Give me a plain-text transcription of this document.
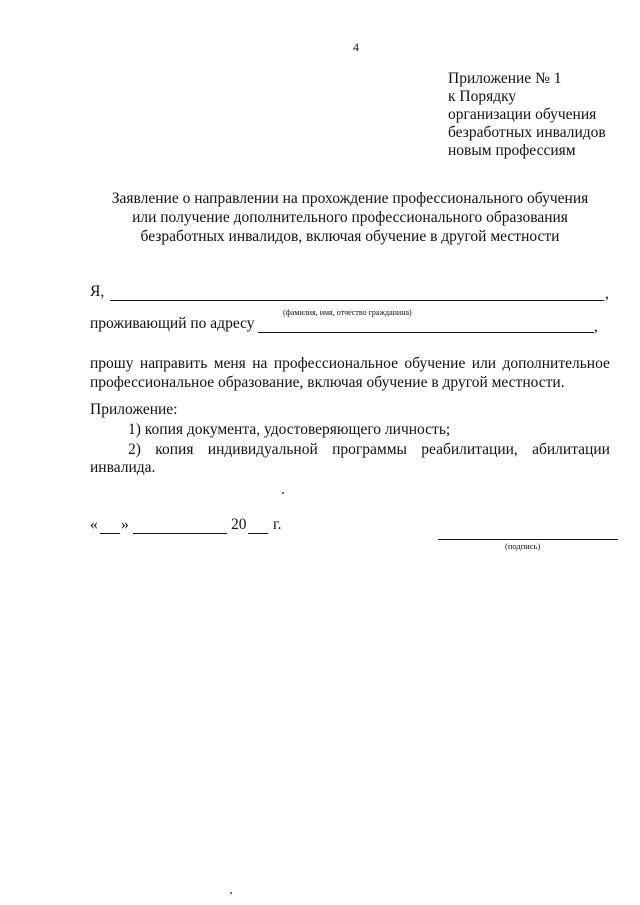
4
Приложение № 1
к Порядку
организации обучения
безработных инвалидов
новым профессиям
Заявление о направлении на прохождение профессионального обучения
или получение дополнительного профессионального образования
безработных инвалидов, включая обучение в другой местности
Я,	,
(фамилия, имя, отчество гражданина)
проживающий по адресу	,
прошу направить меня на профессиональное обучение или дополнительное
профессиональное образование, включая обучение в другой местности.
Приложение:
1) копия документа, удостоверяющего личность;
2) копия индивидуальной программы реабилитации, абилитации
инвалида.
« »	20 г.
(подпись)
